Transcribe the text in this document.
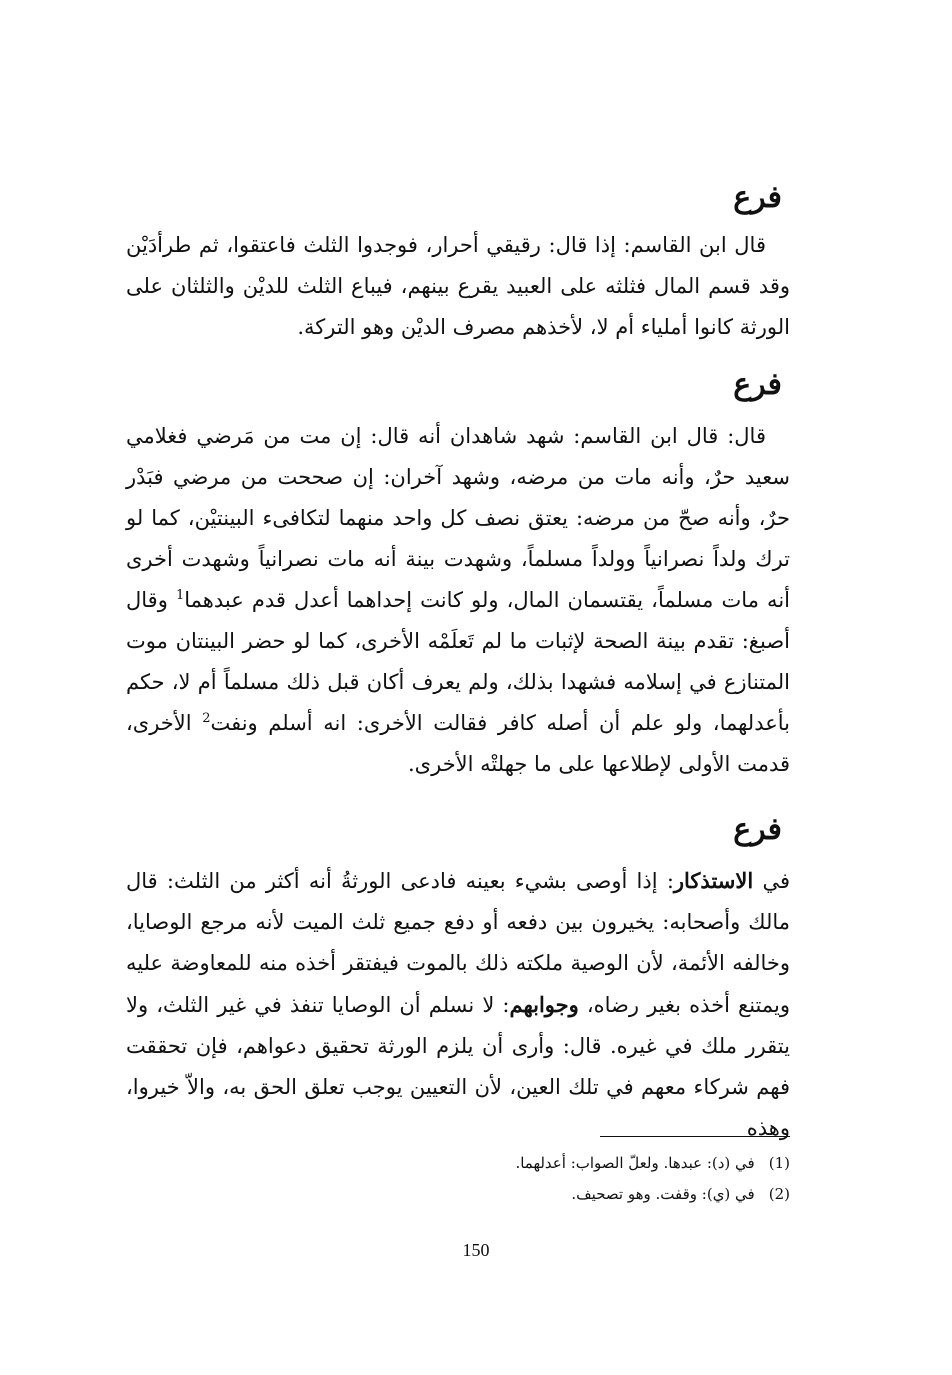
فرع

قال ابن القاسم: إذا قال: رقيقي أحرار، فوجدوا الثلث فاعتقوا، ثم طرأدَيْن وقد قسم المال فثلثه على العبيد يقرع بينهم، فيباع الثلث للديْن والثلثان على الورثة كانوا أملياء أم لا، لأخذهم مصرف الديْن وهو التركة.

فرع

قال: قال ابن القاسم: شهد شاهدان أنه قال: إن مت من مَرضي فغلامي سعيد حرٌ، وأنه مات من مرضه، وشهد آخران: إن صححت من مرضي فبَدْر حرٌ، وأنه صحّ من مرضه: يعتق نصف كل واحد منهما لتكافىء البينتيْن، كما لو ترك ولداً نصرانياً وولداً مسلماً، وشهدت بينة أنه مات نصرانياً وشهدت أخرى أنه مات مسلماً، يقتسمان المال، ولو كانت إحداهما أعدل قدم عبدهما$^1$ وقال أصبغ: تقدم بينة الصحة لإثبات ما لم تَعلَمْه الأخرى، كما لو حضر البينتان موت المتنازع في إسلامه فشهدا بذلك، ولم يعرف أكان قبل ذلك مسلماً أم لا، حكم بأعدلهما، ولو علم أن أصله كافر فقالت الأخرى: انه أسلم ونفت$^2$ الأخرى، قدمت الأولى لإطلاعها على ما جهلتْه الأخرى.

فرع

في الاستذكار: إذا أوصى بشيء بعينه فادعى الورثةُ أنه أكثر من الثلث: قال مالك وأصحابه: يخيرون بين دفعه أو دفع جميع ثلث الميت لأنه مرجع الوصايا، وخالفه الأئمة، لأن الوصية ملكته ذلك بالموت فيفتقر أخذه منه للمعاوضة عليه ويمتنع أخذه بغير رضاه، وجوابهم: لا نسلم أن الوصايا تنفذ في غير الثلث، ولا يتقرر ملك في غيره. قال: وأرى أن يلزم الورثة تحقيق دعواهم، فإن تحققت فهم شركاء معهم في تلك العين، لأن التعيين يوجب تعلق الحق به، والاّ خيروا، وهذه

(1)في (د): عبدها. ولعلّ الصواب: أعدلهما.

(2)في (ي): وقفت. وهو تصحيف.

150
